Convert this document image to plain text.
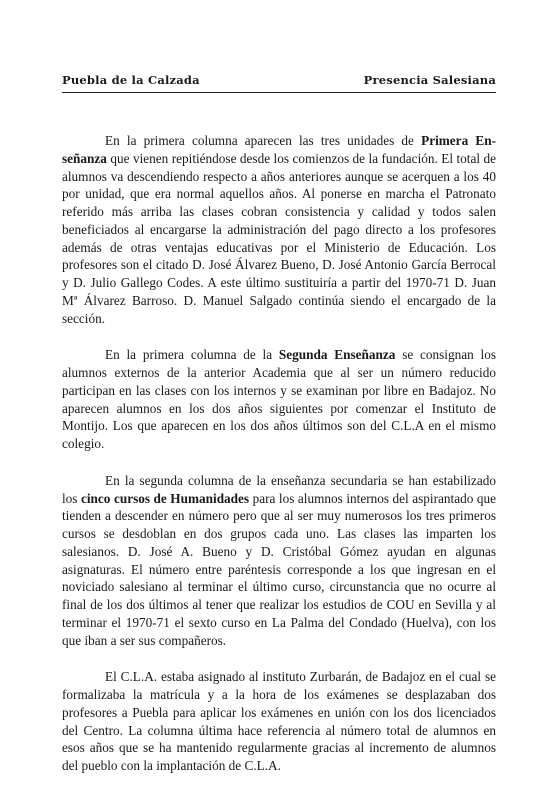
Puebla de la Calzada	Presencia Salesiana

En la primera columna aparecen las tres unidades de Primera Enseñanza que vienen repitiéndose desde los comienzos de la fundación. El total de alumnos va descendiendo respecto a años anteriores aunque se acerquen a los 40 por unidad, que era normal aquellos años. Al ponerse en marcha el Patronato referido más arriba las clases cobran consistencia y calidad y todos salen beneficiados al encargarse la administración del pago directo a los profesores además de otras ventajas educativas por el Ministerio de Educación. Los profesores son el citado D. José Álvarez Bueno, D. José Antonio García Berrocal y D. Julio Gallego Codes. A este último sustituiría a partir del 1970-71 D. Juan Mª Álvarez Barroso. D. Manuel Salgado continúa siendo el encargado de la sección.

En la primera columna de la Segunda Enseñanza se consignan los alumnos externos de la anterior Academia que al ser un número reducido participan en las clases con los internos y se examinan por libre en Badajoz. No aparecen alumnos en los dos años siguientes por comenzar el Instituto de Montijo. Los que aparecen en los dos años últimos son del C.L.A en el mismo colegio.

En la segunda columna de la enseñanza secundaria se han estabilizado los cinco cursos de Humanidades para los alumnos internos del aspirantado que tienden a descender en número pero que al ser muy numerosos los tres primeros cursos se desdoblan en dos grupos cada uno. Las clases las imparten los salesianos. D. José A. Bueno y D. Cristóbal Gómez ayudan en algunas asignaturas. El número entre paréntesis corresponde a los que ingresan en el noviciado salesiano al terminar el último curso, circunstancia que no ocurre al final de los dos últimos al tener que realizar los estudios de COU en Sevilla y al terminar el 1970-71 el sexto curso en La Palma del Condado (Huelva), con los que iban a ser sus compañeros.

El C.L.A. estaba asignado al instituto Zurbarán, de Badajoz en el cual se formalizaba la matrícula y a la hora de los exámenes se desplazaban dos profesores a Puebla para aplicar los exámenes en unión con los dos licenciados del Centro. La columna última hace referencia al número total de alumnos en esos años que se ha mantenido regularmente gracias al incremento de alumnos del pueblo con la implantación de C.L.A.
